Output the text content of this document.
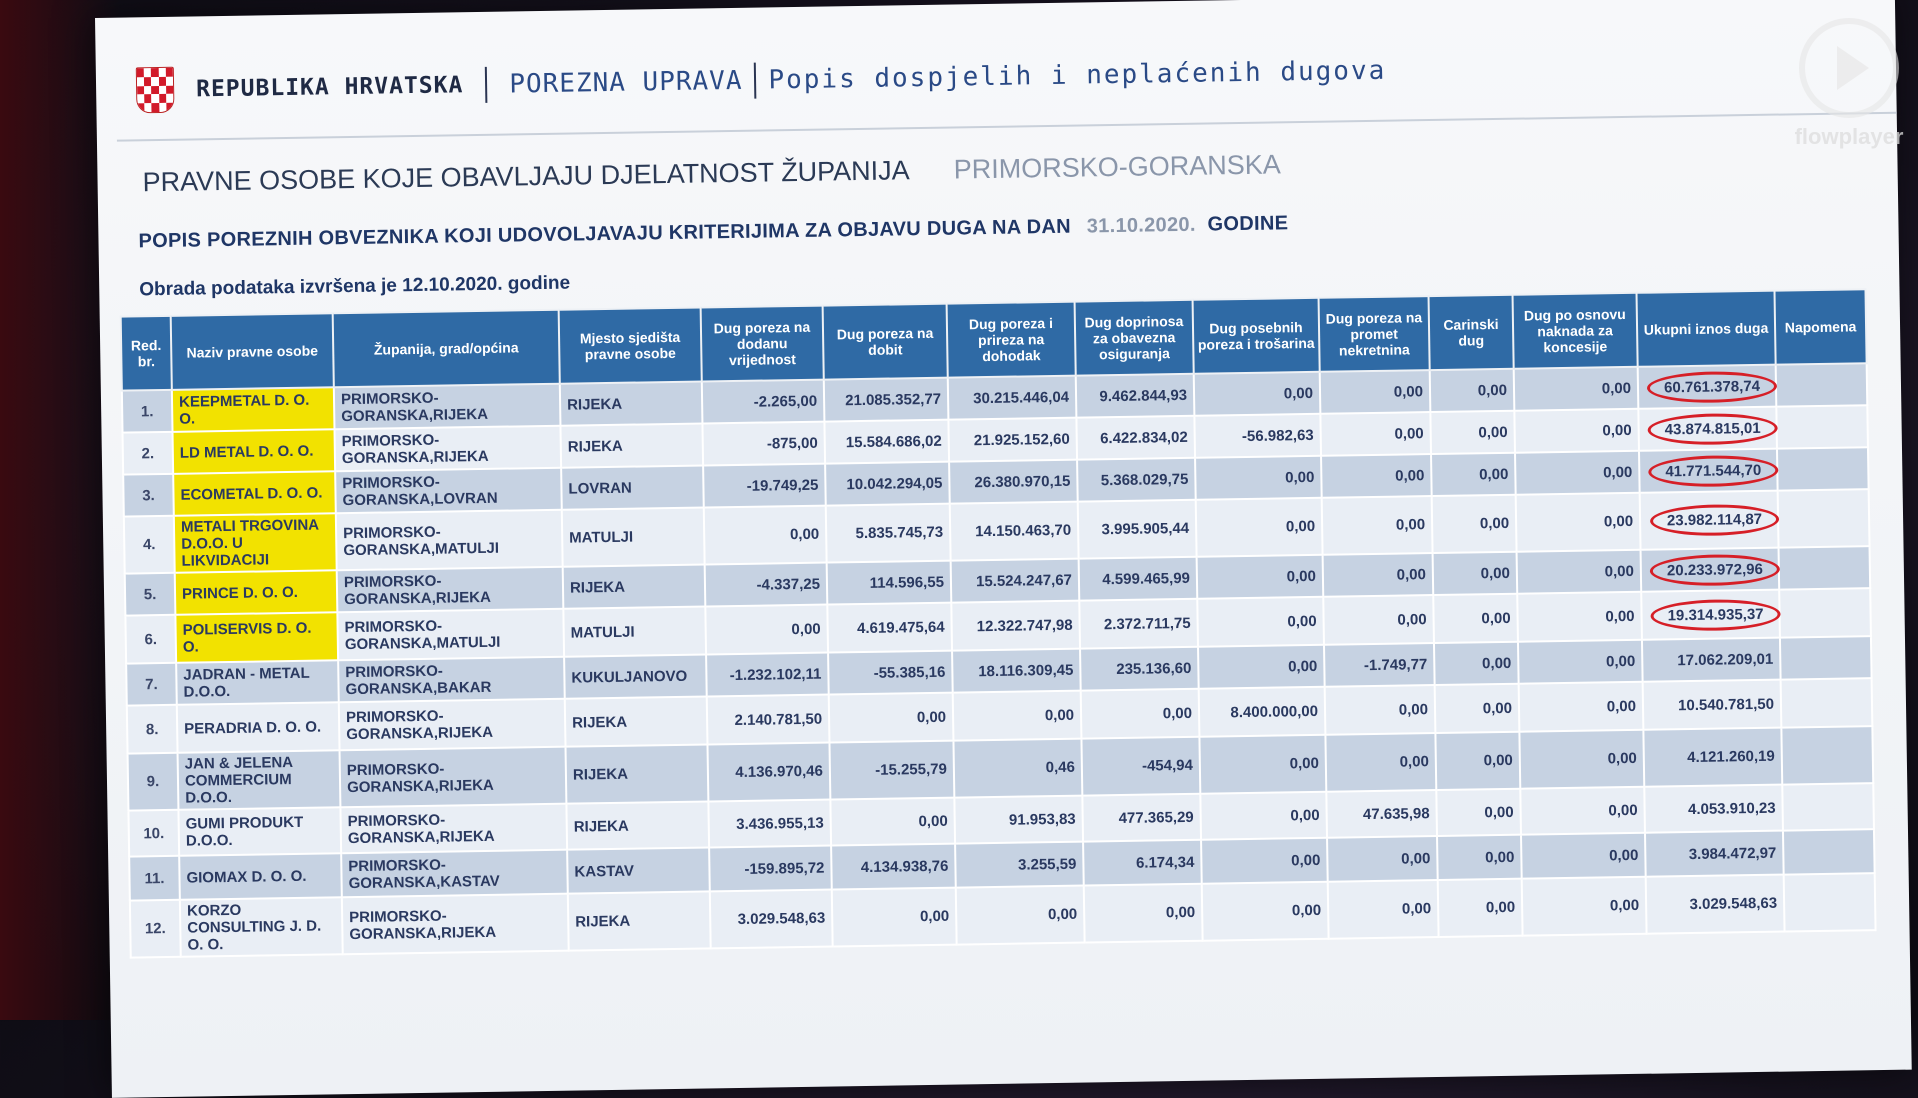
REPUBLIKA HRVATSKA POREZNA UPRAVA Popis dospjelih i neplaćenih dugova
PRAVNE OSOBE KOJE OBAVLJAJU DJELATNOST ŽUPANIJA PRIMORSKO-GORANSKA
POPIS POREZNIH OBVEZNIKA KOJI UDOVOLJAVAJU KRITERIJIMA ZA OBJAVU DUGA NA DAN 31.10.2020. GODINE
Obrada podataka izvršena je 12.10.2020. godine
Red. br.	Naziv pravne osobe	Županija, grad/općina	Mjesto sjedišta pravne osobe	Dug poreza na dodanu vrijednost	Dug poreza na dobit	Dug poreza i prireza na dohodak	Dug doprinosa za obavezna osiguranja	Dug posebnih poreza i trošarina	Dug poreza na promet nekretnina	Carinski dug	Dug po osnovu naknada za koncesije	Ukupni iznos duga	Napomena
1.	KEEPMETAL D. O. O.	PRIMORSKO-GORANSKA,RIJEKA	RIJEKA	-2.265,00	21.085.352,77	30.215.446,04	9.462.844,93	0,00	0,00	0,00	0,00	60.761.378,74	
2.	LD METAL D. O. O.	PRIMORSKO-GORANSKA,RIJEKA	RIJEKA	-875,00	15.584.686,02	21.925.152,60	6.422.834,02	-56.982,63	0,00	0,00	0,00	43.874.815,01	
3.	ECOMETAL D. O. O.	PRIMORSKO-GORANSKA,LOVRAN	LOVRAN	-19.749,25	10.042.294,05	26.380.970,15	5.368.029,75	0,00	0,00	0,00	0,00	41.771.544,70	
4.	METALI TRGOVINA D.O.O. U LIKVIDACIJI	PRIMORSKO-GORANSKA,MATULJI	MATULJI	0,00	5.835.745,73	14.150.463,70	3.995.905,44	0,00	0,00	0,00	0,00	23.982.114,87	
5.	PRINCE D. O. O.	PRIMORSKO-GORANSKA,RIJEKA	RIJEKA	-4.337,25	114.596,55	15.524.247,67	4.599.465,99	0,00	0,00	0,00	0,00	20.233.972,96	
6.	POLISERVIS D. O. O.	PRIMORSKO-GORANSKA,MATULJI	MATULJI	0,00	4.619.475,64	12.322.747,98	2.372.711,75	0,00	0,00	0,00	0,00	19.314.935,37	
7.	JADRAN - METAL D.O.O.	PRIMORSKO-GORANSKA,BAKAR	KUKULJANOVO	-1.232.102,11	-55.385,16	18.116.309,45	235.136,60	0,00	-1.749,77	0,00	0,00	17.062.209,01	
8.	PERADRIA D. O. O.	PRIMORSKO-GORANSKA,RIJEKA	RIJEKA	2.140.781,50	0,00	0,00	0,00	8.400.000,00	0,00	0,00	0,00	10.540.781,50	
9.	JAN & JELENA COMMERCIUM D.O.O.	PRIMORSKO-GORANSKA,RIJEKA	RIJEKA	4.136.970,46	-15.255,79	0,46	-454,94	0,00	0,00	0,00	0,00	4.121.260,19	
10.	GUMI PRODUKT D.O.O.	PRIMORSKO-GORANSKA,RIJEKA	RIJEKA	3.436.955,13	0,00	91.953,83	477.365,29	0,00	47.635,98	0,00	0,00	4.053.910,23	
11.	GIOMAX D. O. O.	PRIMORSKO-GORANSKA,KASTAV	KASTAV	-159.895,72	4.134.938,76	3.255,59	6.174,34	0,00	0,00	0,00	0,00	3.984.472,97	
12.	KORZO CONSULTING J. D. O. O.	PRIMORSKO-GORANSKA,RIJEKA	RIJEKA	3.029.548,63	0,00	0,00	0,00	0,00	0,00	0,00	0,00	3.029.548,63	
flowplayer
